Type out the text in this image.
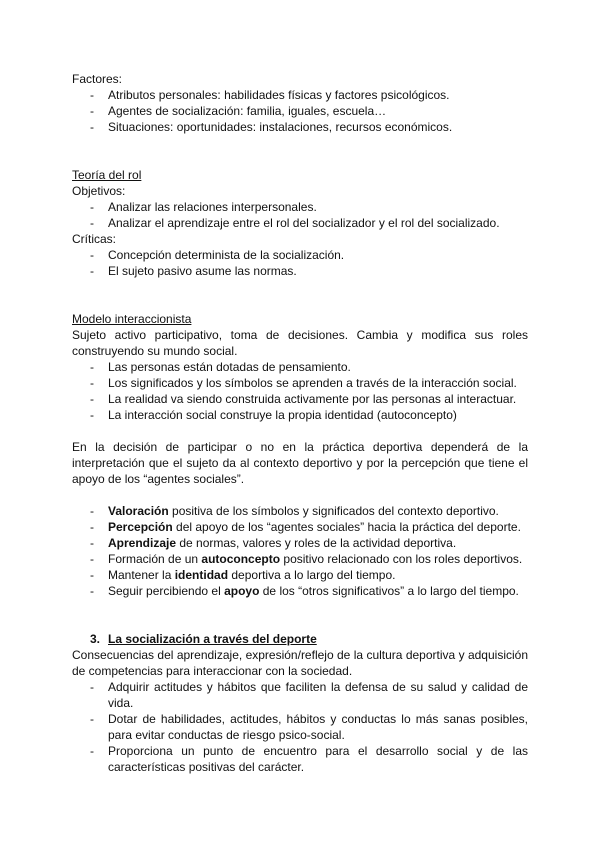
Factores:

- Atributos personales: habilidades físicas y factores psicológicos.
- Agentes de socialización: familia, iguales, escuela…
- Situaciones: oportunidades: instalaciones, recursos económicos.

Teoría del rol

Objetivos:

- Analizar las relaciones interpersonales.
- Analizar el aprendizaje entre el rol del socializador y el rol del socializado.

Críticas:

- Concepción determinista de la socialización.
- El sujeto pasivo asume las normas.

Modelo interaccionista

Sujeto activo participativo, toma de decisiones. Cambia y modifica sus roles construyendo su mundo social.

- Las personas están dotadas de pensamiento.
- Los significados y los símbolos se aprenden a través de la interacción social.
- La realidad va siendo construida activamente por las personas al interactuar.
- La interacción social construye la propia identidad (autoconcepto)

En la decisión de participar o no en la práctica deportiva dependerá de la interpretación que el sujeto da al contexto deportivo y por la percepción que tiene el apoyo de los “agentes sociales”.

- Valoración positiva de los símbolos y significados del contexto deportivo.
- Percepción del apoyo de los “agentes sociales” hacia la práctica del deporte.
- Aprendizaje de normas, valores y roles de la actividad deportiva.
- Formación de un autoconcepto positivo relacionado con los roles deportivos.
- Mantener la identidad deportiva a lo largo del tiempo.
- Seguir percibiendo el apoyo de los “otros significativos” a lo largo del tiempo.
3. La socialización a través del deporte

Consecuencias del aprendizaje, expresión/reflejo de la cultura deportiva y adquisición de competencias para interaccionar con la sociedad.

- Adquirir actitudes y hábitos que faciliten la defensa de su salud y calidad de vida.
- Dotar de habilidades, actitudes, hábitos y conductas lo más sanas posibles, para evitar conductas de riesgo psico-social.
- Proporciona un punto de encuentro para el desarrollo social y de las características positivas del carácter.
